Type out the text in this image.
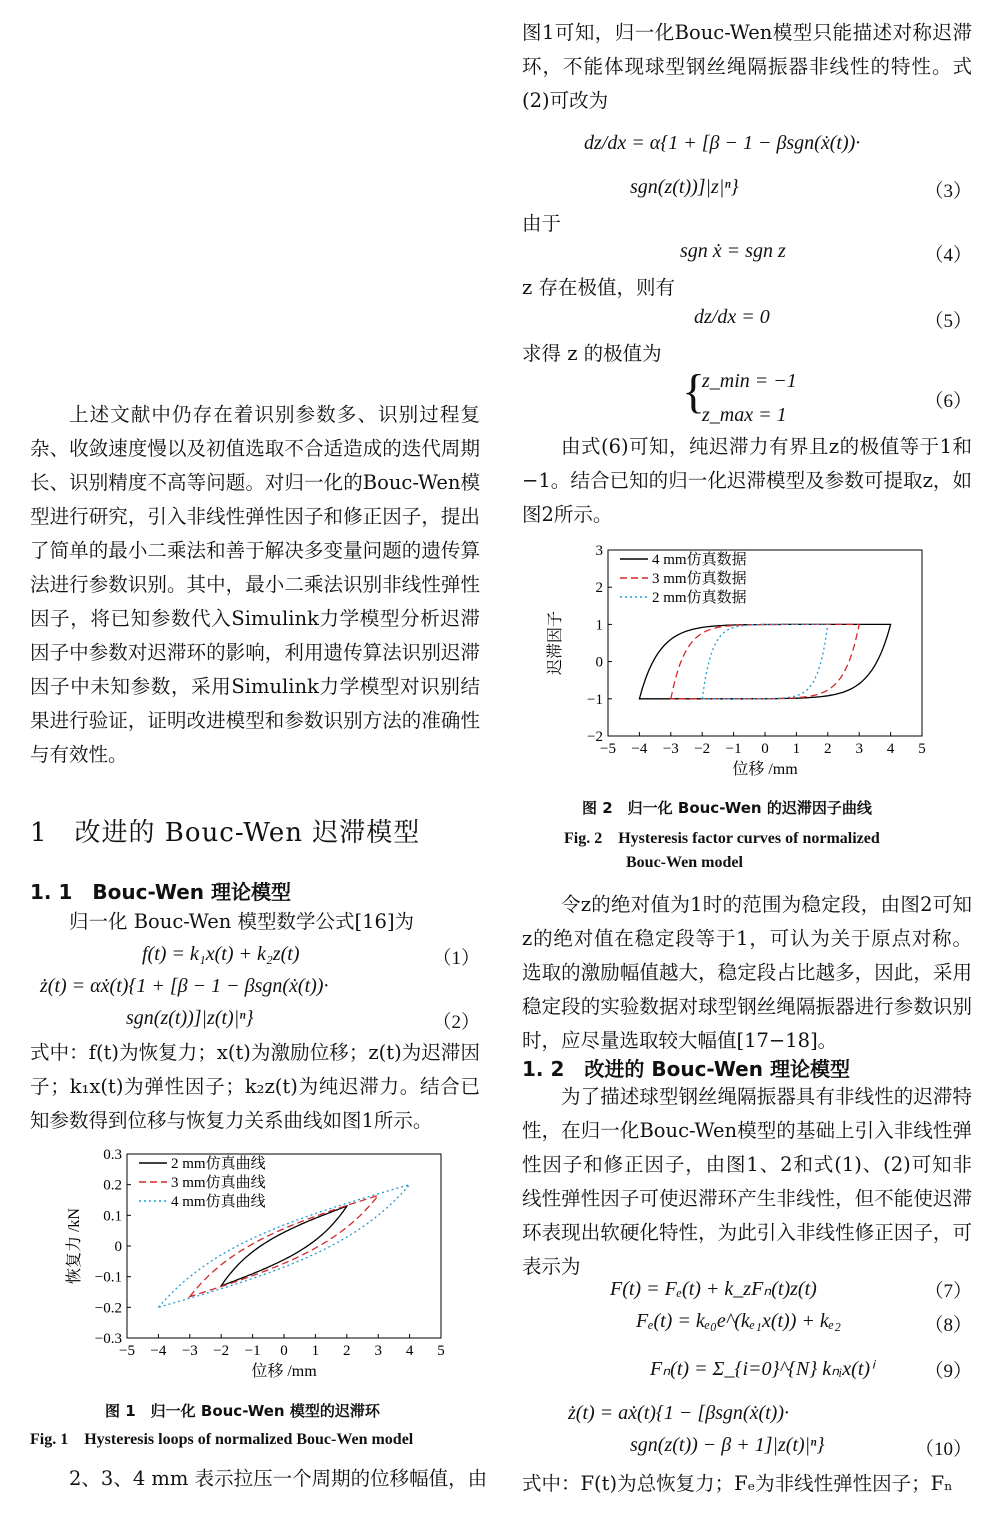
上述文献中仍存在着识别参数多、识别过程复杂、收敛速度慢以及初值选取不合适造成的迭代周期长、识别精度不高等问题。对归一化的Bouc-Wen模型进行研究，引入非线性弹性因子和修正因子，提出了简单的最小二乘法和善于解决多变量问题的遗传算法进行参数识别。其中，最小二乘法识别非线性弹性因子，将已知参数代入Simulink力学模型分析迟滞因子中参数对迟滞环的影响，利用遗传算法识别迟滞因子中未知参数，采用Simulink力学模型对识别结果进行验证，证明改进模型和参数识别方法的准确性与有效性。

1　改进的 Bouc-Wen 迟滞模型
1. 1　Bouc-Wen 理论模型
归一化 Bouc-Wen 模型数学公式[16]为
f(t) = k₁x(t) + k₂z(t)	（1）
ż(t) = αẋ(t){1 + [β − 1 − βsgn(ẋ(t))·
sgn(z(t))]|z(t)|ⁿ}	（2）

式中：f(t)为恢复力；x(t)为激励位移；z(t)为迟滞因子；k₁x(t)为弹性因子；k₂z(t)为纯迟滞力。结合已知参数得到位移与恢复力关系曲线如图1所示。

−5 −4 −3 −2 −1 0 1 2 3 4 5
0.3
0.2
0.1
0
−0.1
−0.2
−0.3
位移 /mm
恢复力 /kN
2 mm仿真曲线
3 mm仿真曲线
4 mm仿真曲线
图 1　归一化 Bouc-Wen 模型的迟滞环
Fig. 1　Hysteresis loops of normalized Bouc-Wen model
2、3、4 mm 表示拉压一个周期的位移幅值，由

图1可知，归一化Bouc-Wen模型只能描述对称迟滞环，不能体现球型钢丝绳隔振器非线性的特性。式(2)可改为

dz/dx = α{1 + [β − 1 − βsgn(ẋ(t))·
sgn(z(t))]|z|ⁿ}	（3）
由于
sgn ẋ = sgn z	（4）
z 存在极值，则有
dz/dx = 0	（5）
求得 z 的极值为
{
z_min = −1
z_max = 1
（6）

由式(6)可知，纯迟滞力有界且z的极值等于1和−1。结合已知的归一化迟滞模型及参数可提取z，如图2所示。

−5 −4 −3 −2 −1 0 1 2 3 4 5
3
2
1
0
−1
−2
位移 /mm
迟滞因子
4 mm仿真数据
3 mm仿真数据
2 mm仿真数据
图 2　归一化 Bouc-Wen 的迟滞因子曲线
Fig. 2　Hysteresis factor curves of normalized
Bouc-Wen model

令z的绝对值为1时的范围为稳定段，由图2可知z的绝对值在稳定段等于1，可认为关于原点对称。选取的激励幅值越大，稳定段占比越多，因此，采用稳定段的实验数据对球型钢丝绳隔振器进行参数识别时，应尽量选取较大幅值[17−18]。

1. 2　改进的 Bouc-Wen 理论模型

为了描述球型钢丝绳隔振器具有非线性的迟滞特性，在归一化Bouc-Wen模型的基础上引入非线性弹性因子和修正因子，由图1、2和式(1)、(2)可知非线性弹性因子可使迟滞环产生非线性，但不能使迟滞环表现出软硬化特性，为此引入非线性修正因子，可表示为

F(t) = Fₑ(t) + k_zFₙ(t)z(t)	（7）
Fₑ(t) = kₑ₀e^(kₑ₁x(t)) + kₑ₂	（8）
Fₙ(t) = Σ_{i=0}^{N} kₙᵢx(t)ⁱ	（9）
ż(t) = aẋ(t){1 − [βsgn(ẋ(t))·
sgn(z(t)) − β + 1]|z(t)|ⁿ}	（10）
式中：F(t)为总恢复力；Fₑ为非线性弹性因子；Fₙ
